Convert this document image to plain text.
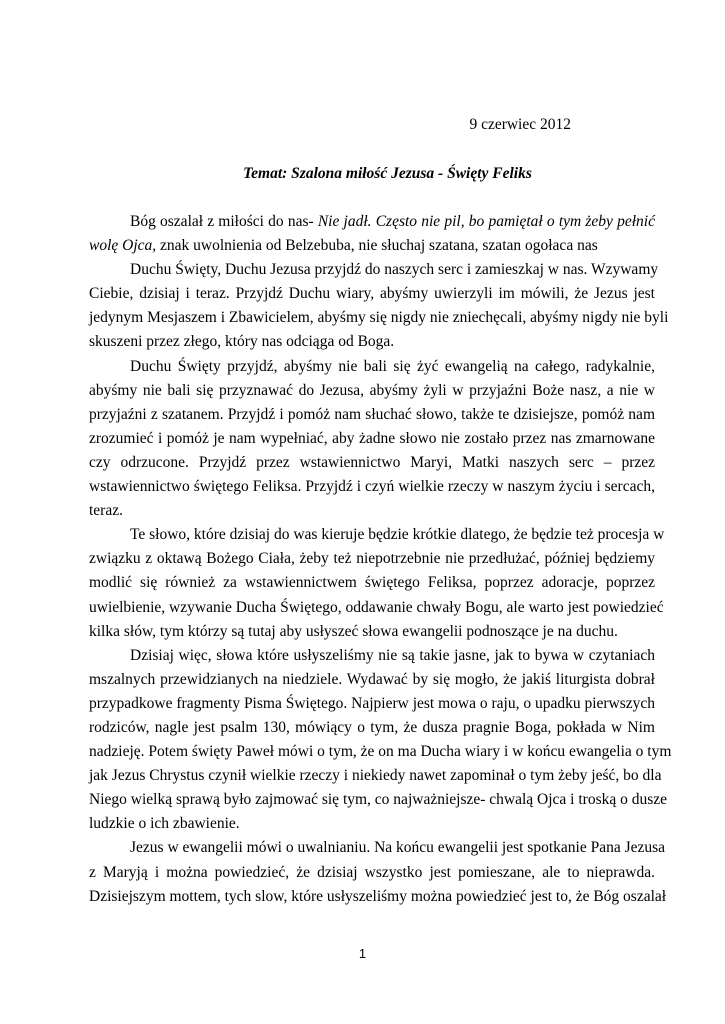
9 czerwiec 2012
Temat: Szalona miłość Jezusa - Święty Feliks
Bóg oszalał z miłości do nas- Nie jadł. Często nie pil, bo pamiętał o tym żeby pełnić
wolę Ojca, znak uwolnienia od Belzebuba, nie słuchaj szatana, szatan ogołaca nas
Duchu Święty, Duchu Jezusa przyjdź do naszych serc i zamieszkaj w nas. Wzywamy
Ciebie, dzisiaj i teraz. Przyjdź Duchu wiary, abyśmy uwierzyli im mówili, że Jezus jest
jedynym Mesjaszem i Zbawicielem, abyśmy się nigdy nie zniechęcali, abyśmy nigdy nie byli
skuszeni przez złego, który nas odciąga od Boga.
Duchu Święty przyjdź, abyśmy nie bali się żyć ewangelią na całego, radykalnie,
abyśmy nie bali się przyznawać do Jezusa, abyśmy żyli w przyjaźni Boże nasz, a nie w
przyjaźni z szatanem. Przyjdź i pomóż nam słuchać słowo, także te dzisiejsze, pomóż nam
zrozumieć i pomóż je nam wypełniać, aby żadne słowo nie zostało przez nas zmarnowane
czy odrzucone. Przyjdź przez wstawiennictwo Maryi, Matki naszych serc – przez
wstawiennictwo świętego Feliksa. Przyjdź i czyń wielkie rzeczy w naszym życiu i sercach,
teraz.
Te słowo, które dzisiaj do was kieruje będzie krótkie dlatego, że będzie też procesja w
związku z oktawą Bożego Ciała, żeby też niepotrzebnie nie przedłużać, później będziemy
modlić się również za wstawiennictwem świętego Feliksa, poprzez adoracje, poprzez
uwielbienie, wzywanie Ducha Świętego, oddawanie chwały Bogu, ale warto jest powiedzieć
kilka słów, tym którzy są tutaj aby usłyszeć słowa ewangelii podnoszące je na duchu.
Dzisiaj więc, słowa które usłyszeliśmy nie są takie jasne, jak to bywa w czytaniach
mszalnych przewidzianych na niedziele. Wydawać by się mogło, że jakiś liturgista dobrał
przypadkowe fragmenty Pisma Świętego. Najpierw jest mowa o raju, o upadku pierwszych
rodziców, nagle jest psalm 130, mówiący o tym, że dusza pragnie Boga, pokłada w Nim
nadzieję. Potem święty Paweł mówi o tym, że on ma Ducha wiary i w końcu ewangelia o tym
jak Jezus Chrystus czynił wielkie rzeczy i niekiedy nawet zapominał o tym żeby jeść, bo dla
Niego wielką sprawą było zajmować się tym, co najważniejsze- chwalą Ojca i troską o dusze
ludzkie o ich zbawienie.
Jezus w ewangelii mówi o uwalnianiu. Na końcu ewangelii jest spotkanie Pana Jezusa
z Maryją i można powiedzieć, że dzisiaj wszystko jest pomieszane, ale to nieprawda.
Dzisiejszym mottem, tych slow, które usłyszeliśmy można powiedzieć jest to, że Bóg oszalał
1
